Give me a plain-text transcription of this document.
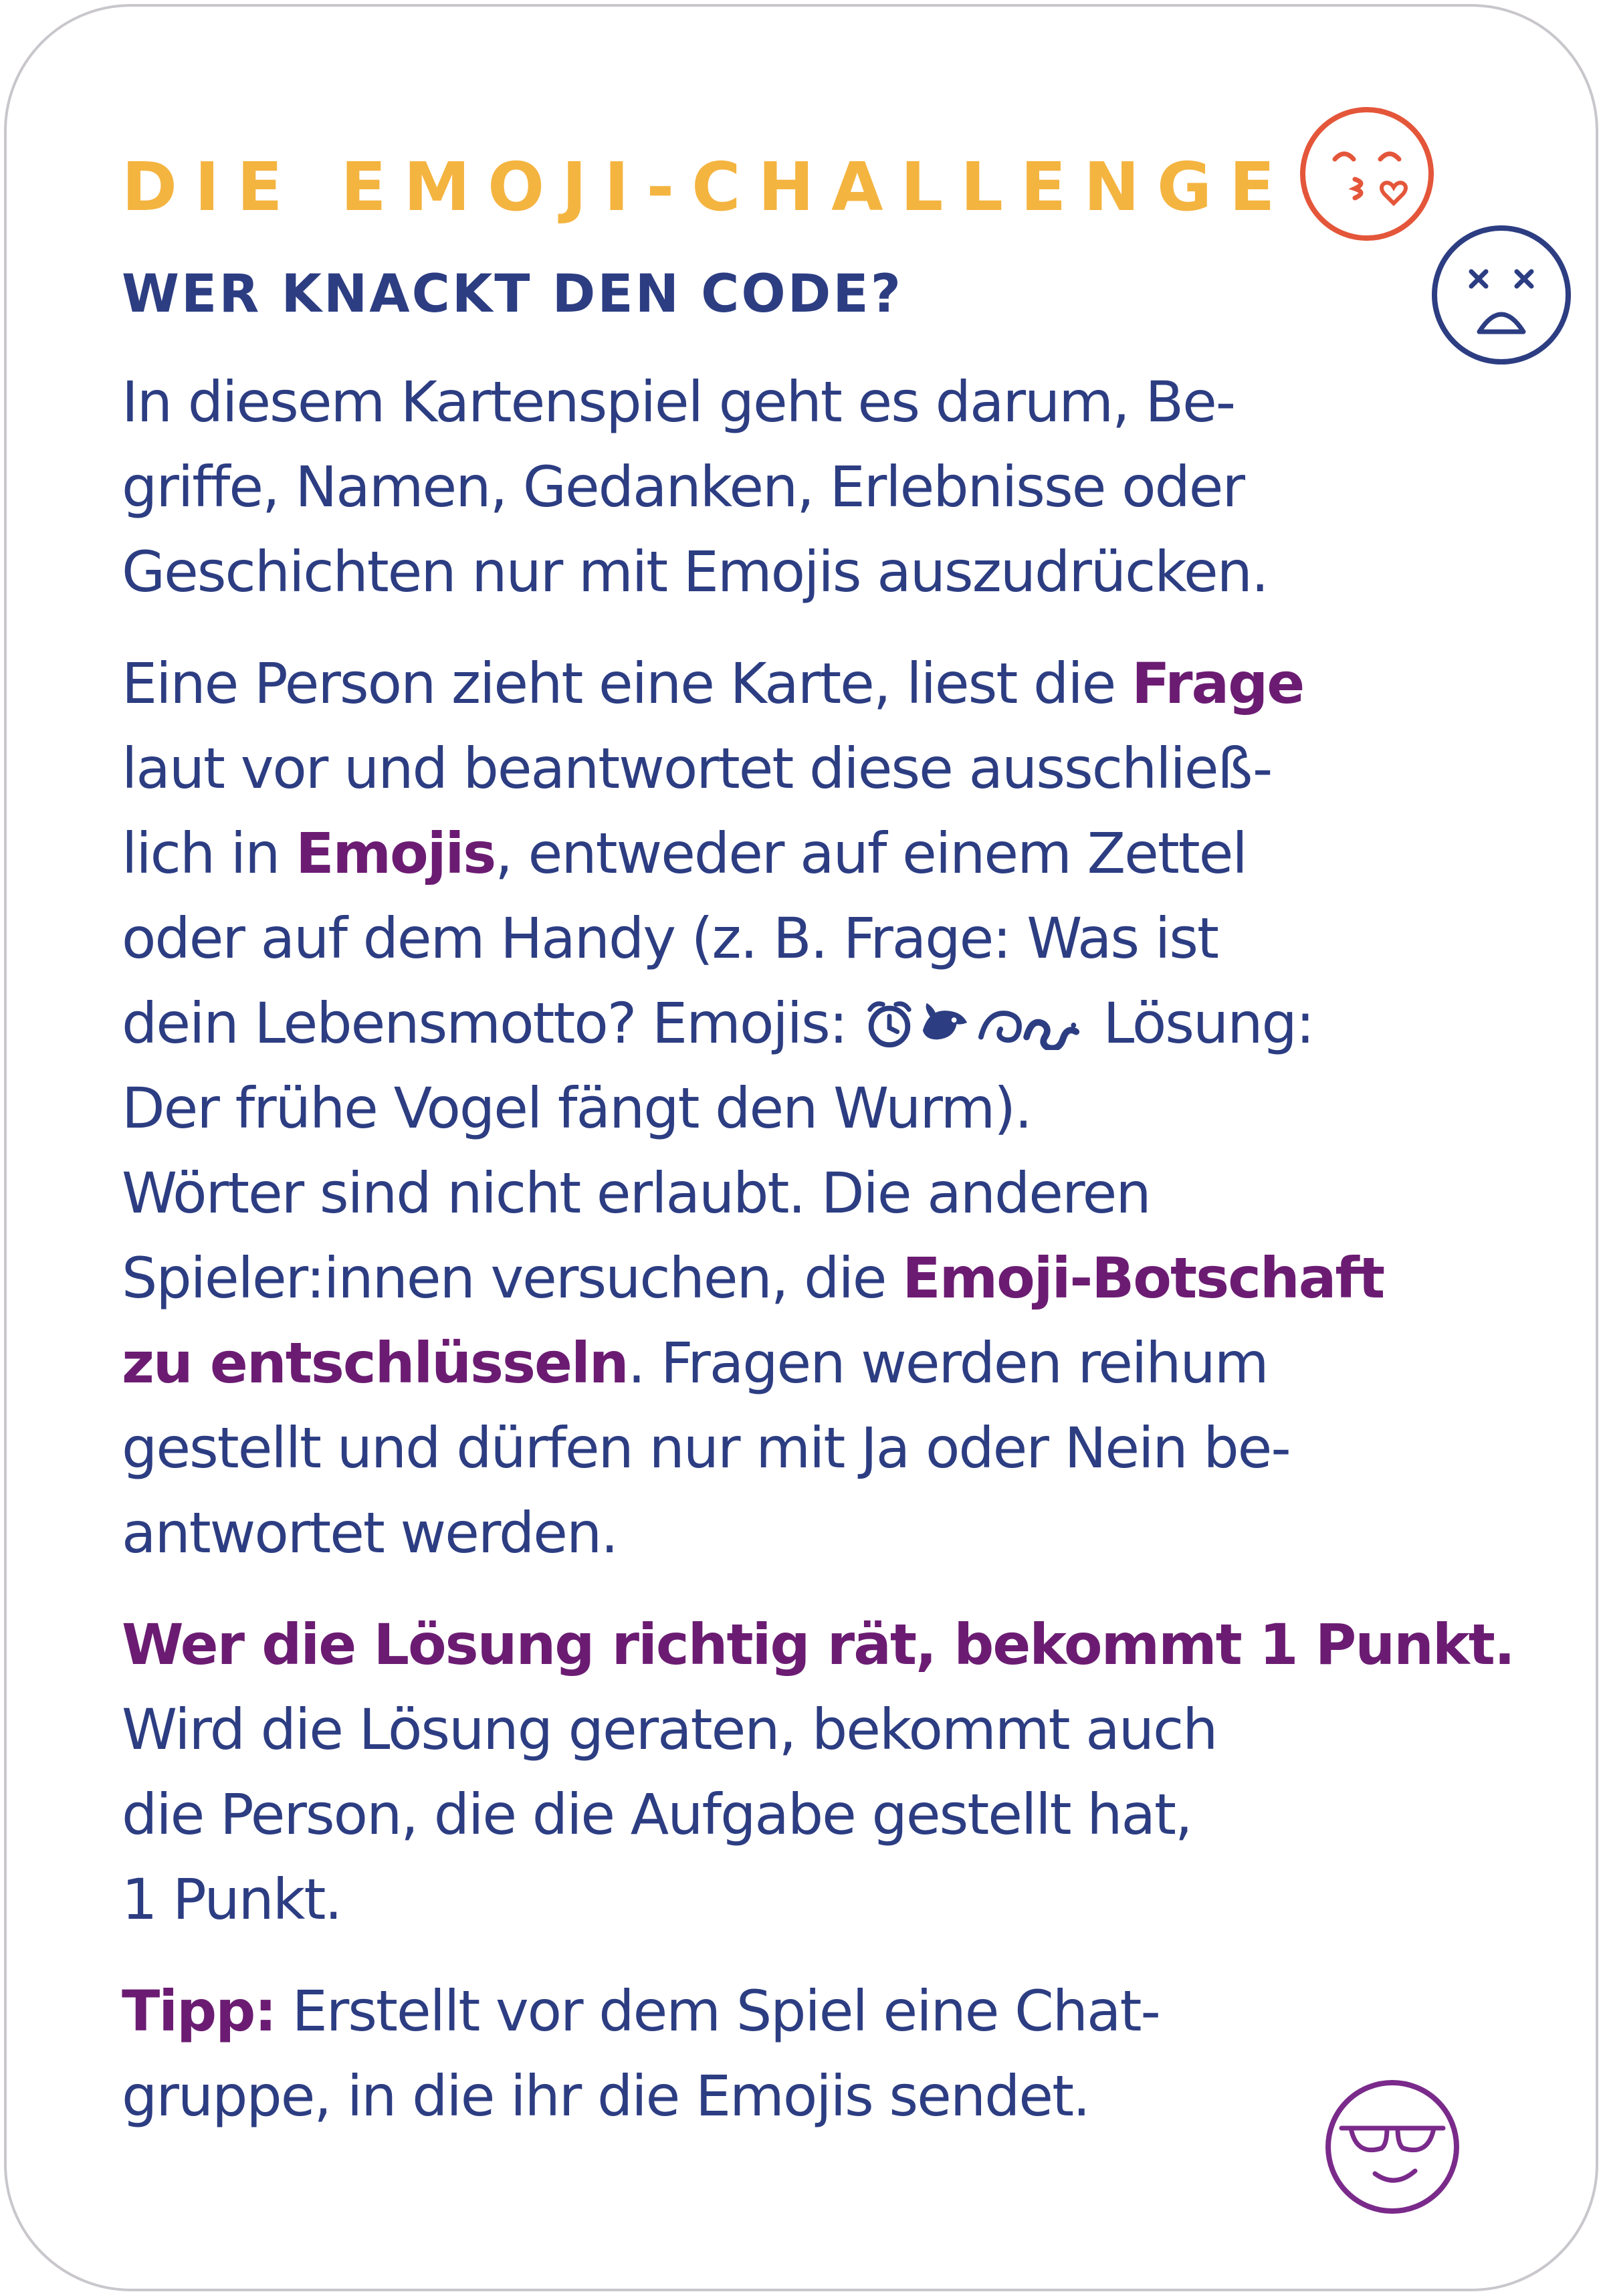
DIE EMOJI-CHALLENGE
WER KNACKT DEN CODE?
In diesem Kartenspiel geht es darum, Be-
griffe, Namen, Gedanken, Erlebnisse oder
Geschichten nur mit Emojis auszudrücken.
Eine Person zieht eine Karte, liest die Frage
laut vor und beantwortet diese ausschließ-
lich in Emojis, entweder auf einem Zettel
oder auf dem Handy (z. B. Frage: Was ist
dein Lebensmotto? Emojis:	Lösung:
Der frühe Vogel fängt den Wurm).
Wörter sind nicht erlaubt. Die anderen
Spieler:innen versuchen, die Emoji-Botschaft
zu entschlüsseln. Fragen werden reihum
gestellt und dürfen nur mit Ja oder Nein be-
antwortet werden.
Wer die Lösung richtig rät, bekommt 1 Punkt.
Wird die Lösung geraten, bekommt auch
die Person, die die Aufgabe gestellt hat,
1 Punkt.
Tipp: Erstellt vor dem Spiel eine Chat-
gruppe, in die ihr die Emojis sendet.
